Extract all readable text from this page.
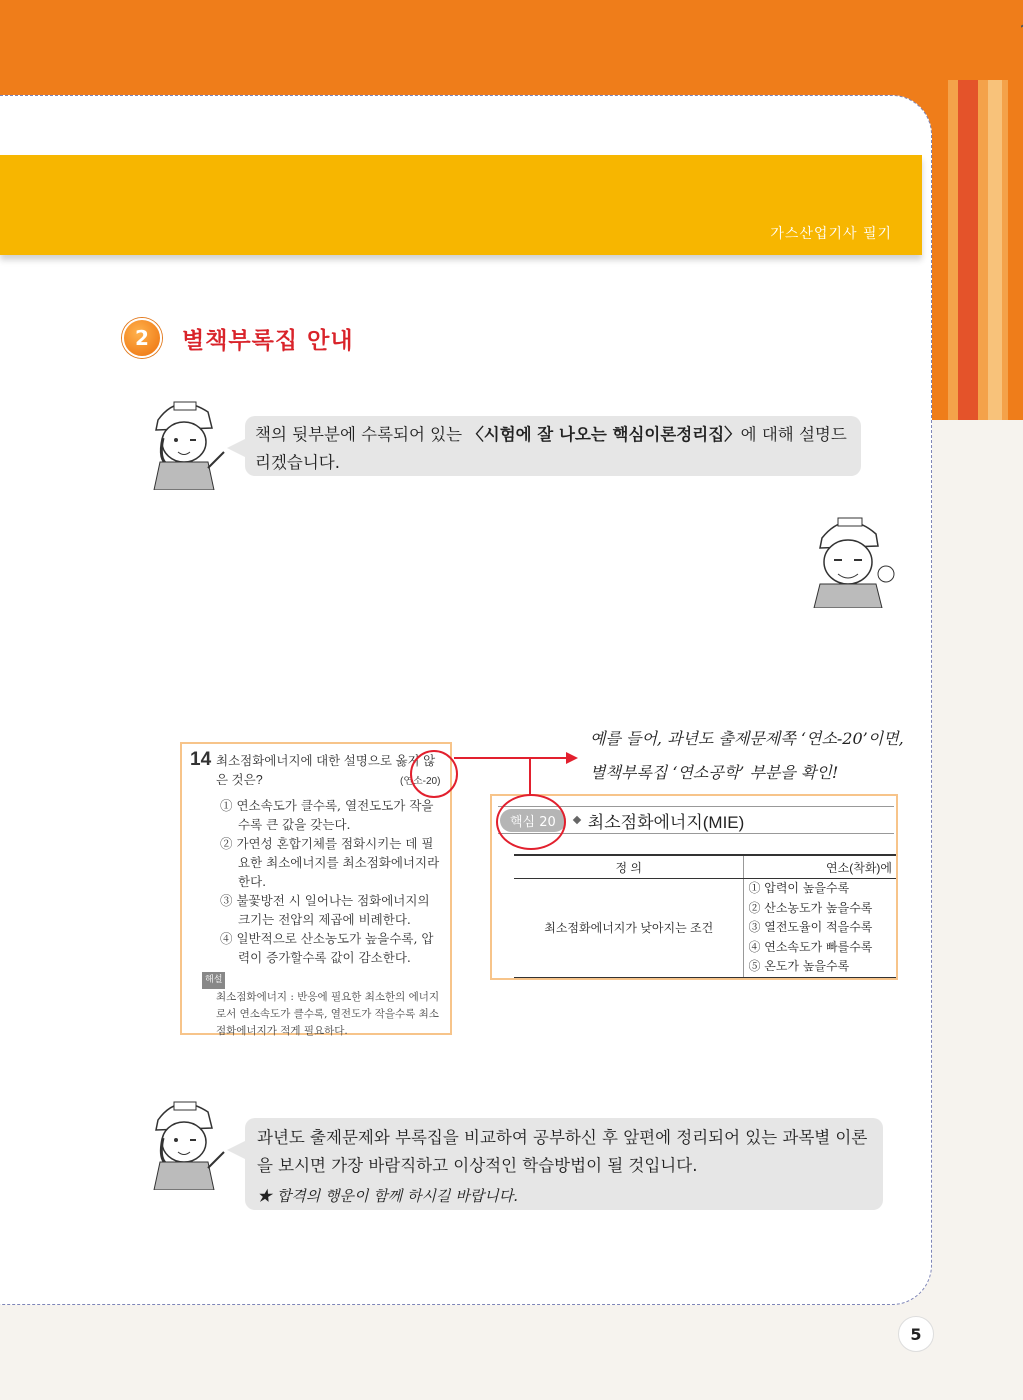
가스산업기사 필기
2	별책부록집 안내
책의 뒷부분에 수록되어 있는 〈시험에 잘 나오는 핵심이론정리집〉에 대해 설명드리겠습니다.
예를 들어, 과년도 출제문제쪽 ‘연소-20’이면,
별책부록집 ‘연소공학’ 부분을 확인!
14 최소점화에너지에 대한 설명으로 옳지 않은 것은?	(연소-20)
① 연소속도가 클수록, 열전도도가 작을수록 큰 값을 갖는다.
② 가연성 혼합기체를 점화시키는 데 필요한 최소에너지를 최소점화에너지라 한다.
③ 불꽃방전 시 일어나는 점화에너지의 크기는 전압의 제곱에 비례한다.
④ 일반적으로 산소농도가 높을수록, 압력이 증가할수록 값이 감소한다.
해설
최소점화에너지 : 반응에 필요한 최소한의 에너지로서 연소속도가 클수록, 열전도가 작을수록 최소점화에너지가 적게 필요하다.
핵심 20	최소점화에너지(MIE)
정 의	연소(착화)에
최소점화에너지가 낮아지는 조건	① 압력이 높을수록
② 산소농도가 높을수록
③ 열전도율이 적을수록
④ 연소속도가 빠를수록
⑤ 온도가 높을수록
과년도 출제문제와 부록집을 비교하여 공부하신 후 앞편에 정리되어 있는 과목별 이론을 보시면 가장 바람직하고 이상적인 학습방법이 될 것입니다.
★ 합격의 행운이 함께 하시길 바랍니다.
5
